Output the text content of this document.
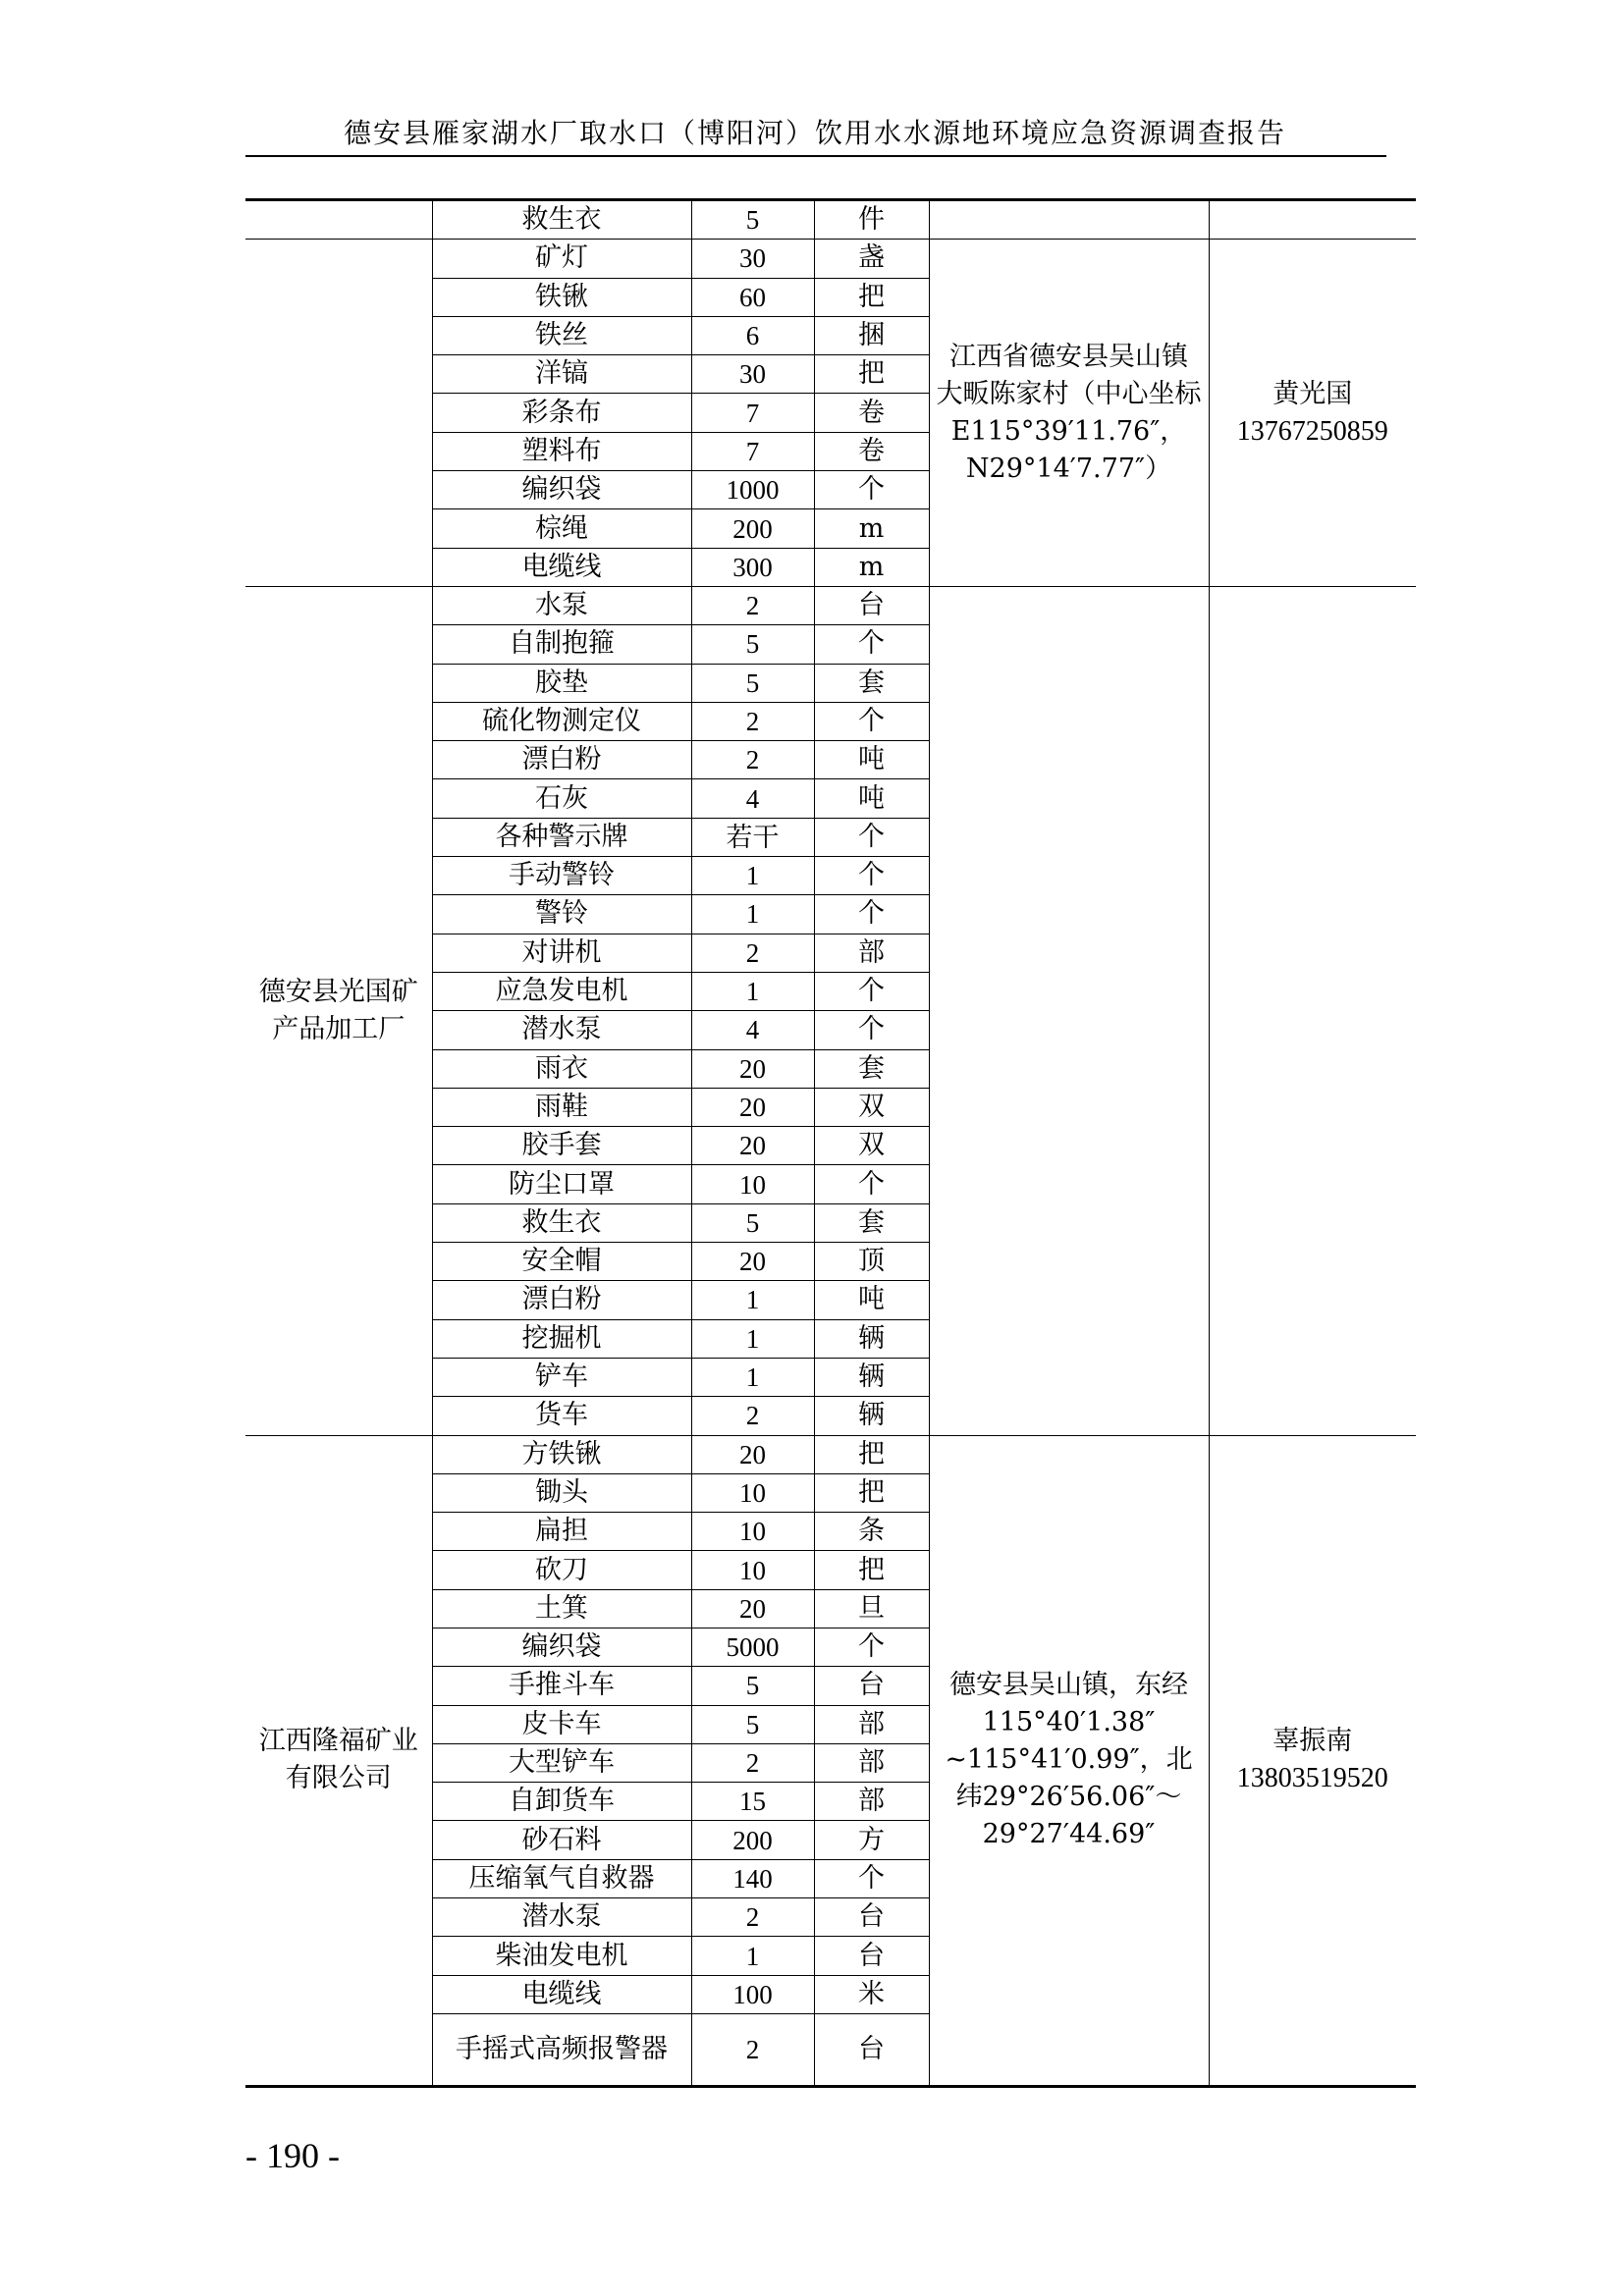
德安县雁家湖水厂取水口（博阳河）饮用水水源地环境应急资源调查报告
	救生衣	5	件		

	矿灯	30	盏	江西省德安县吴山镇
大畈陈家村（中心坐标
E115°39′11.76″，
N29°14′7.77″）	黄光国
13767250859

	铁锹	60	把		
	铁丝	6	捆		
	洋镐	30	把		
	彩条布	7	卷		
	塑料布	7	卷		
	编织袋	1000	个		
	棕绳	200	m		
	电缆线	300	m		

德安县光国矿
产品加工厂	水泵	2	台		

	自制抱箍	5	个		
	胶垫	5	套		
	硫化物测定仪	2	个		
	漂白粉	2	吨		
	石灰	4	吨		
	各种警示牌	若干	个		
	手动警铃	1	个		
	警铃	1	个		
	对讲机	2	部		
	应急发电机	1	个		
	潜水泵	4	个		
	雨衣	20	套		
	雨鞋	20	双		
	胶手套	20	双		
	防尘口罩	10	个		
	救生衣	5	套		
	安全帽	20	顶		
	漂白粉	1	吨		
	挖掘机	1	辆		
	铲车	1	辆		
	货车	2	辆		

江西隆福矿业
有限公司	方铁锹	20	把	德安县吴山镇，东经
115°40′1.38″
~115°41′0.99″，北
纬29°26′56.06″～
29°27′44.69″	辜振南
13803519520

	锄头	10	把		
	扁担	10	条		
	砍刀	10	把		
	土箕	20	旦		
	编织袋	5000	个		
	手推斗车	5	台		
	皮卡车	5	部		
	大型铲车	2	部		
	自卸货车	15	部		
	砂石料	200	方		
	压缩氧气自救器	140	个		
	潜水泵	2	台		
	柴油发电机	1	台		
	电缆线	100	米		
	手摇式高频报警器	2	台		
- 190 -
